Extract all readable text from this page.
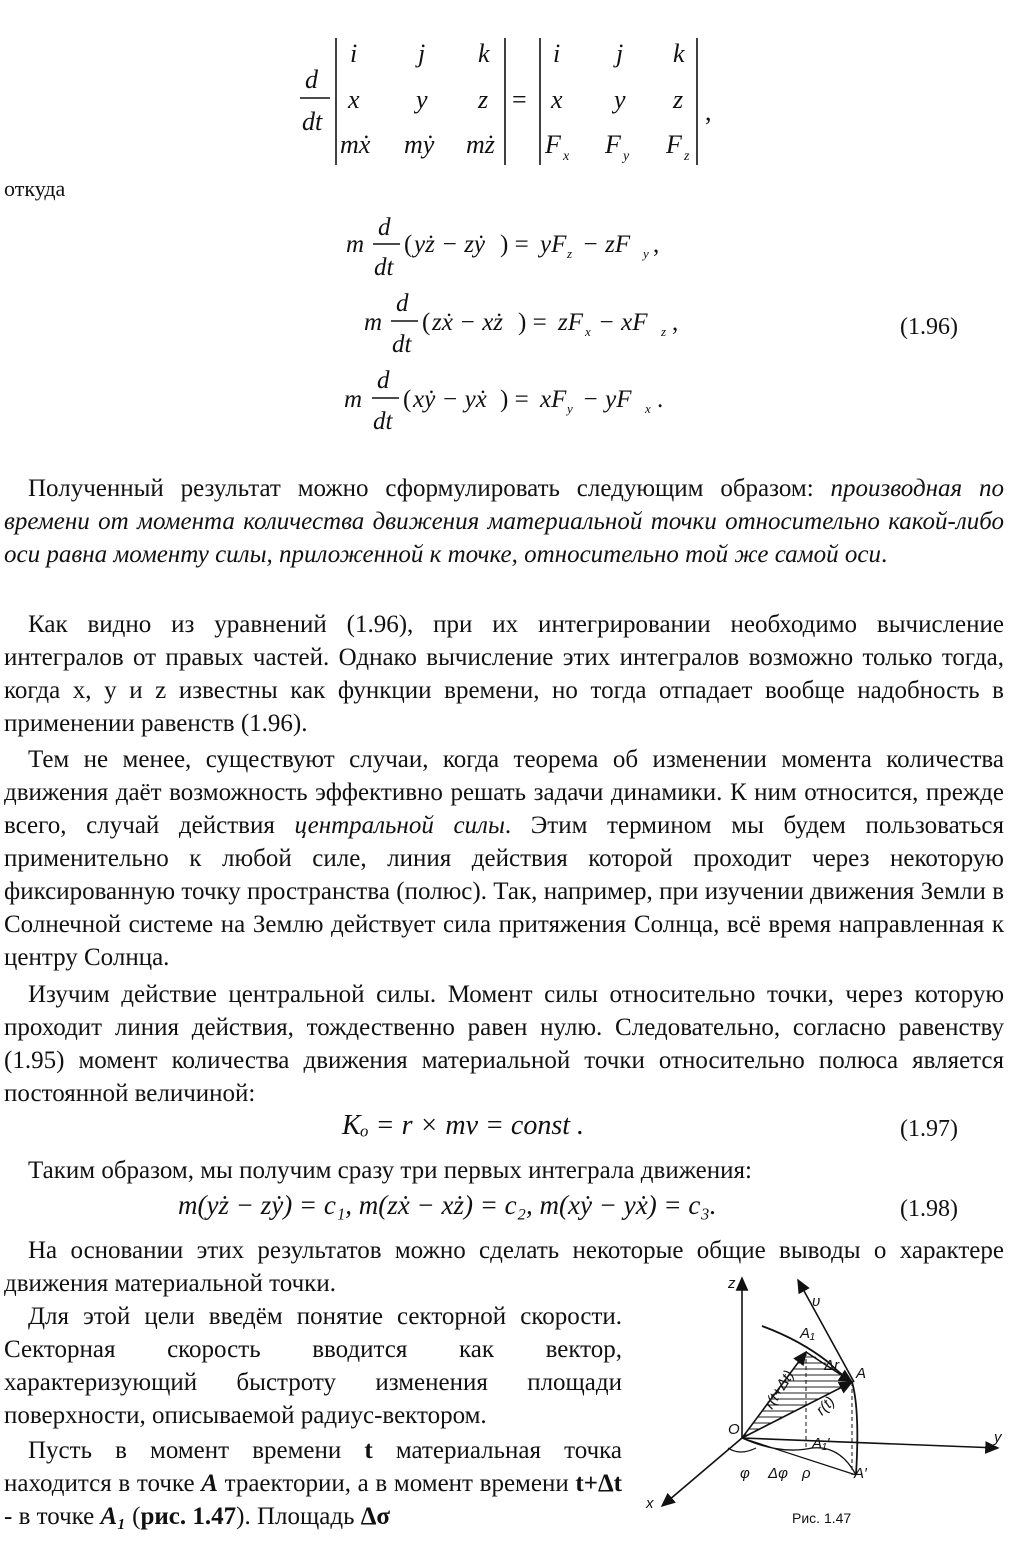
d
dt
i j k
x y z
mẋ mẏ mż
=
i j k
x y z
F x F y F z
,
откуда
m
d
dt
( yż − zẏ ) = yF z − zF y ,
m
d
dt
( zẋ − xż ) = zF x − xF z ,
m
d
dt
( xẏ − yẋ ) = xF y − yF x .
(1.96)
Полученный результат можно сформулировать следующим образом: производная по времени от момента количества движения материальной точки относительно какой-либо оси равна моменту силы, приложенной к точке, относительно той же самой оси.
Как видно из уравнений (1.96), при их интегрировании необходимо вычисление интегралов от правых частей. Однако вычисление этих интегралов возможно только тогда, когда x, y и z известны как функции времени, но тогда отпадает вообще надобность в применении равенств (1.96).
Тем не менее, существуют случаи, когда теорема об изменении момента количества движения даёт возможность эффективно решать задачи динамики. К ним относится, прежде всего, случай действия центральной силы. Этим термином мы будем пользоваться применительно к любой силе, линия действия которой проходит через некоторую фиксированную точку пространства (полюс). Так, например, при изучении движения Земли в Солнечной системе на Землю действует сила притяжения Солнца, всё время направленная к центру Солнца.
Изучим действие центральной силы. Момент силы относительно точки, через которую проходит линия действия, тождественно равен нулю. Следовательно, согласно равенству (1.95) момент количества движения материальной точки относительно полюса является постоянной величиной:
Kₒ = r × mv = const .	(1.97)
Таким образом, мы получим сразу три первых интеграла движения:
m(yż − zẏ) = c₁, m(zẋ − xż) = c₂, m(xẏ − yẋ) = c₃.	(1.98)
На основании этих результатов можно сделать некоторые общие выводы о характере движения материальной точки.
Для этой цели введём понятие секторной скорости. Секторная скорость вводится как вектор, характеризующий быстроту изменения площади поверхности, описываемой радиус-вектором.
Пусть в момент времени t материальная точка находится в точке A траектории, а в момент времени t+Δt - в точке A₁ (рис. 1.47). Площадь Δσ
z
y
x
υ
O
A
A₁
A′
A₁′
r(t)
r(t+Δt)
Δr
φ Δφ ρ
Рис. 1.47
